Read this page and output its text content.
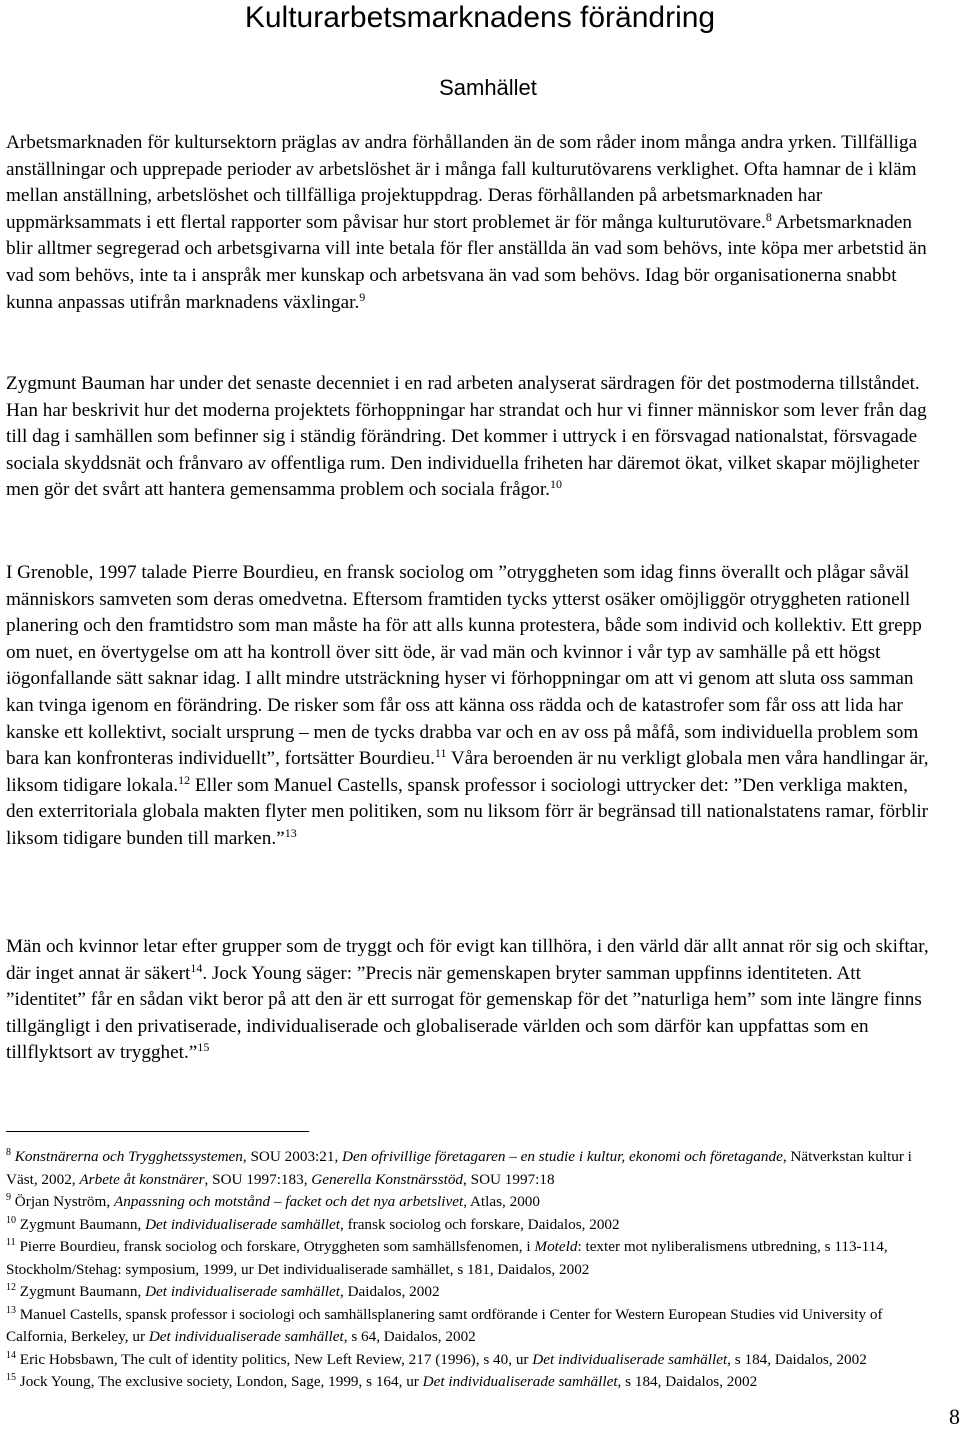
Kulturarbetsmarknadens förändring
Samhället
Arbetsmarknaden för kultursektorn präglas av andra förhållanden än de som råder inom många andra yrken. Tillfälliga anställningar och upprepade perioder av arbetslöshet är i många fall kulturutövarens verklighet. Ofta hamnar de i kläm mellan anställning, arbetslöshet och tillfälliga projektuppdrag. Deras förhållanden på arbetsmarknaden har uppmärksammats i ett flertal rapporter som påvisar hur stort problemet är för många kulturutövare.$^8$ Arbetsmarknaden blir alltmer segregerad och arbetsgivarna vill inte betala för fler anställda än vad som behövs, inte köpa mer arbetstid än vad som behövs, inte ta i anspråk mer kunskap och arbetsvana än vad som behövs. Idag bör organisationerna snabbt kunna anpassas utifrån marknadens växlingar.$^9$
Zygmunt Bauman har under det senaste decenniet i en rad arbeten analyserat särdragen för det postmoderna tillståndet. Han har beskrivit hur det moderna projektets förhoppningar har strandat och hur vi finner människor som lever från dag till dag i samhällen som befinner sig i ständig förändring. Det kommer i uttryck i en försvagad nationalstat, försvagade sociala skyddsnät och frånvaro av offentliga rum. Den individuella friheten har däremot ökat, vilket skapar möjligheter men gör det svårt att hantera gemensamma problem och sociala frågor.$^{10}$
I Grenoble, 1997 talade Pierre Bourdieu, en fransk sociolog om ”otryggheten som idag finns överallt och plågar såväl människors samveten som deras omedvetna. Eftersom framtiden tycks ytterst osäker omöjliggör otryggheten rationell planering och den framtidstro som man måste ha för att alls kunna protestera, både som individ och kollektiv. Ett grepp om nuet, en övertygelse om att ha kontroll över sitt öde, är vad män och kvinnor i vår typ av samhälle på ett högst iögonfallande sätt saknar idag. I allt mindre utsträckning hyser vi förhoppningar om att vi genom att sluta oss samman kan tvinga igenom en förändring. De risker som får oss att känna oss rädda och de katastrofer som får oss att lida har kanske ett kollektivt, socialt ursprung – men de tycks drabba var och en av oss på måfå, som individuella problem som bara kan konfronteras individuellt”, fortsätter Bourdieu.$^{11}$ Våra beroenden är nu verkligt globala men våra handlingar är, liksom tidigare lokala.$^{12}$ Eller som Manuel Castells, spansk professor i sociologi uttrycker det: ”Den verkliga makten, den exterritoriala globala makten flyter men politiken, som nu liksom förr är begränsad till nationalstatens ramar, förblir liksom tidigare bunden till marken.”$^{13}$
Män och kvinnor letar efter grupper som de tryggt och för evigt kan tillhöra, i den värld där allt annat rör sig och skiftar, där inget annat är säkert$^{14}$. Jock Young säger: ”Precis när gemenskapen bryter samman uppfinns identiteten. Att ”identitet” får en sådan vikt beror på att den är ett surrogat för gemenskap för det ”naturliga hem” som inte längre finns tillgängligt i den privatiserade, individualiserade och globaliserade världen och som därför kan uppfattas som en tillflyktsort av trygghet.”$^{15}$

$^8$ Konstnärerna och Trygghetssystemen, SOU 2003:21, Den ofrivillige företagaren – en studie i kultur, ekonomi och företagande, Nätverkstan kultur i Väst, 2002, Arbete åt konstnärer, SOU 1997:183, Generella Konstnärsstöd, SOU 1997:18

$^9$ Örjan Nyström, Anpassning och motstånd – facket och det nya arbetslivet, Atlas, 2000

$^{10}$ Zygmunt Baumann, Det individualiserade samhället, fransk sociolog och forskare, Daidalos, 2002

$^{11}$ Pierre Bourdieu, fransk sociolog och forskare, Otryggheten som samhällsfenomen, i Moteld: texter mot nyliberalismens utbredning, s 113-114, Stockholm/Stehag: symposium, 1999, ur Det individualiserade samhället, s 181, Daidalos, 2002

$^{12}$ Zygmunt Baumann, Det individualiserade samhället, Daidalos, 2002

$^{13}$ Manuel Castells, spansk professor i sociologi och samhällsplanering samt ordförande i Center for Western European Studies vid University of Calfornia, Berkeley, ur Det individualiserade samhället, s 64, Daidalos, 2002

$^{14}$ Eric Hobsbawn, The cult of identity politics, New Left Review, 217 (1996), s 40, ur Det individualiserade samhället, s 184, Daidalos, 2002

$^{15}$ Jock Young, The exclusive society, London, Sage, 1999, s 164, ur Det individualiserade samhället, s 184, Daidalos, 2002

8
